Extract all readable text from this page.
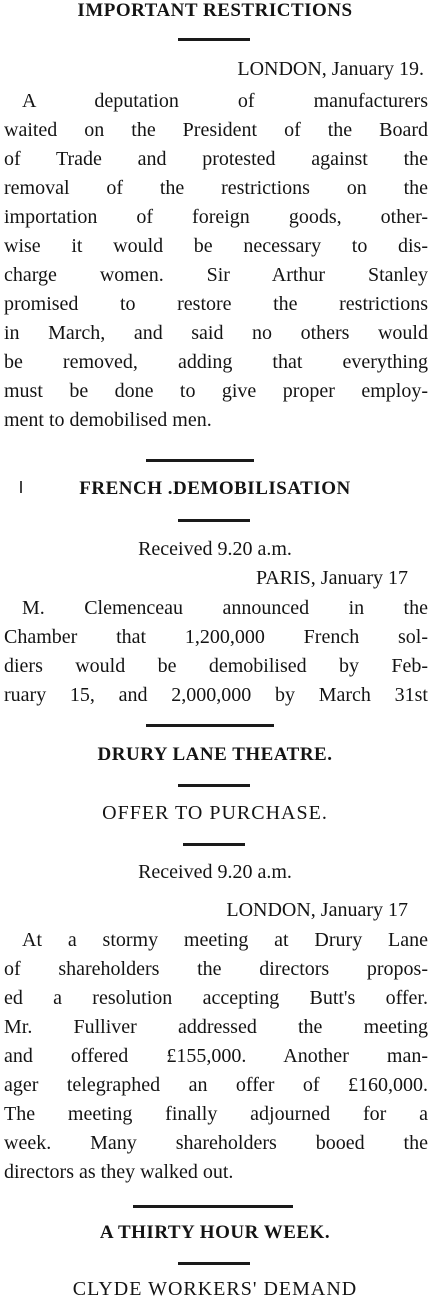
IMPORTANT RESTRICTIONS
LONDON, January 19.
A deputation of manufacturers
waited on the President of the Board
of Trade and protested against the
removal of the restrictions on the
importation of foreign goods, other-
wise it would be necessary to dis-
charge women. Sir Arthur Stanley
promised to restore the restrictions
in March, and said no others would
be removed, adding that everything
must be done to give proper employ-
ment to demobilised men.
FRENCH .DEMOBILISATION
Received 9.20 a.m.
PARIS, January 17
M. Clemenceau announced in the
Chamber that 1,200,000 French sol-
diers would be demobilised by Feb-
ruary 15, and 2,000,000 by March 31st
DRURY LANE THEATRE.
OFFER TO PURCHASE.
Received 9.20 a.m.
LONDON, January 17
At a stormy meeting at Drury Lane
of shareholders the directors propos-
ed a resolution accepting Butt's offer.
Mr. Fulliver addressed the meeting
and offered £155,000. Another man-
ager telegraphed an offer of £160,000.
The meeting finally adjourned for a
week. Many shareholders booed the
directors as they walked out.
A THIRTY HOUR WEEK.
CLYDE WORKERS' DEMAND
